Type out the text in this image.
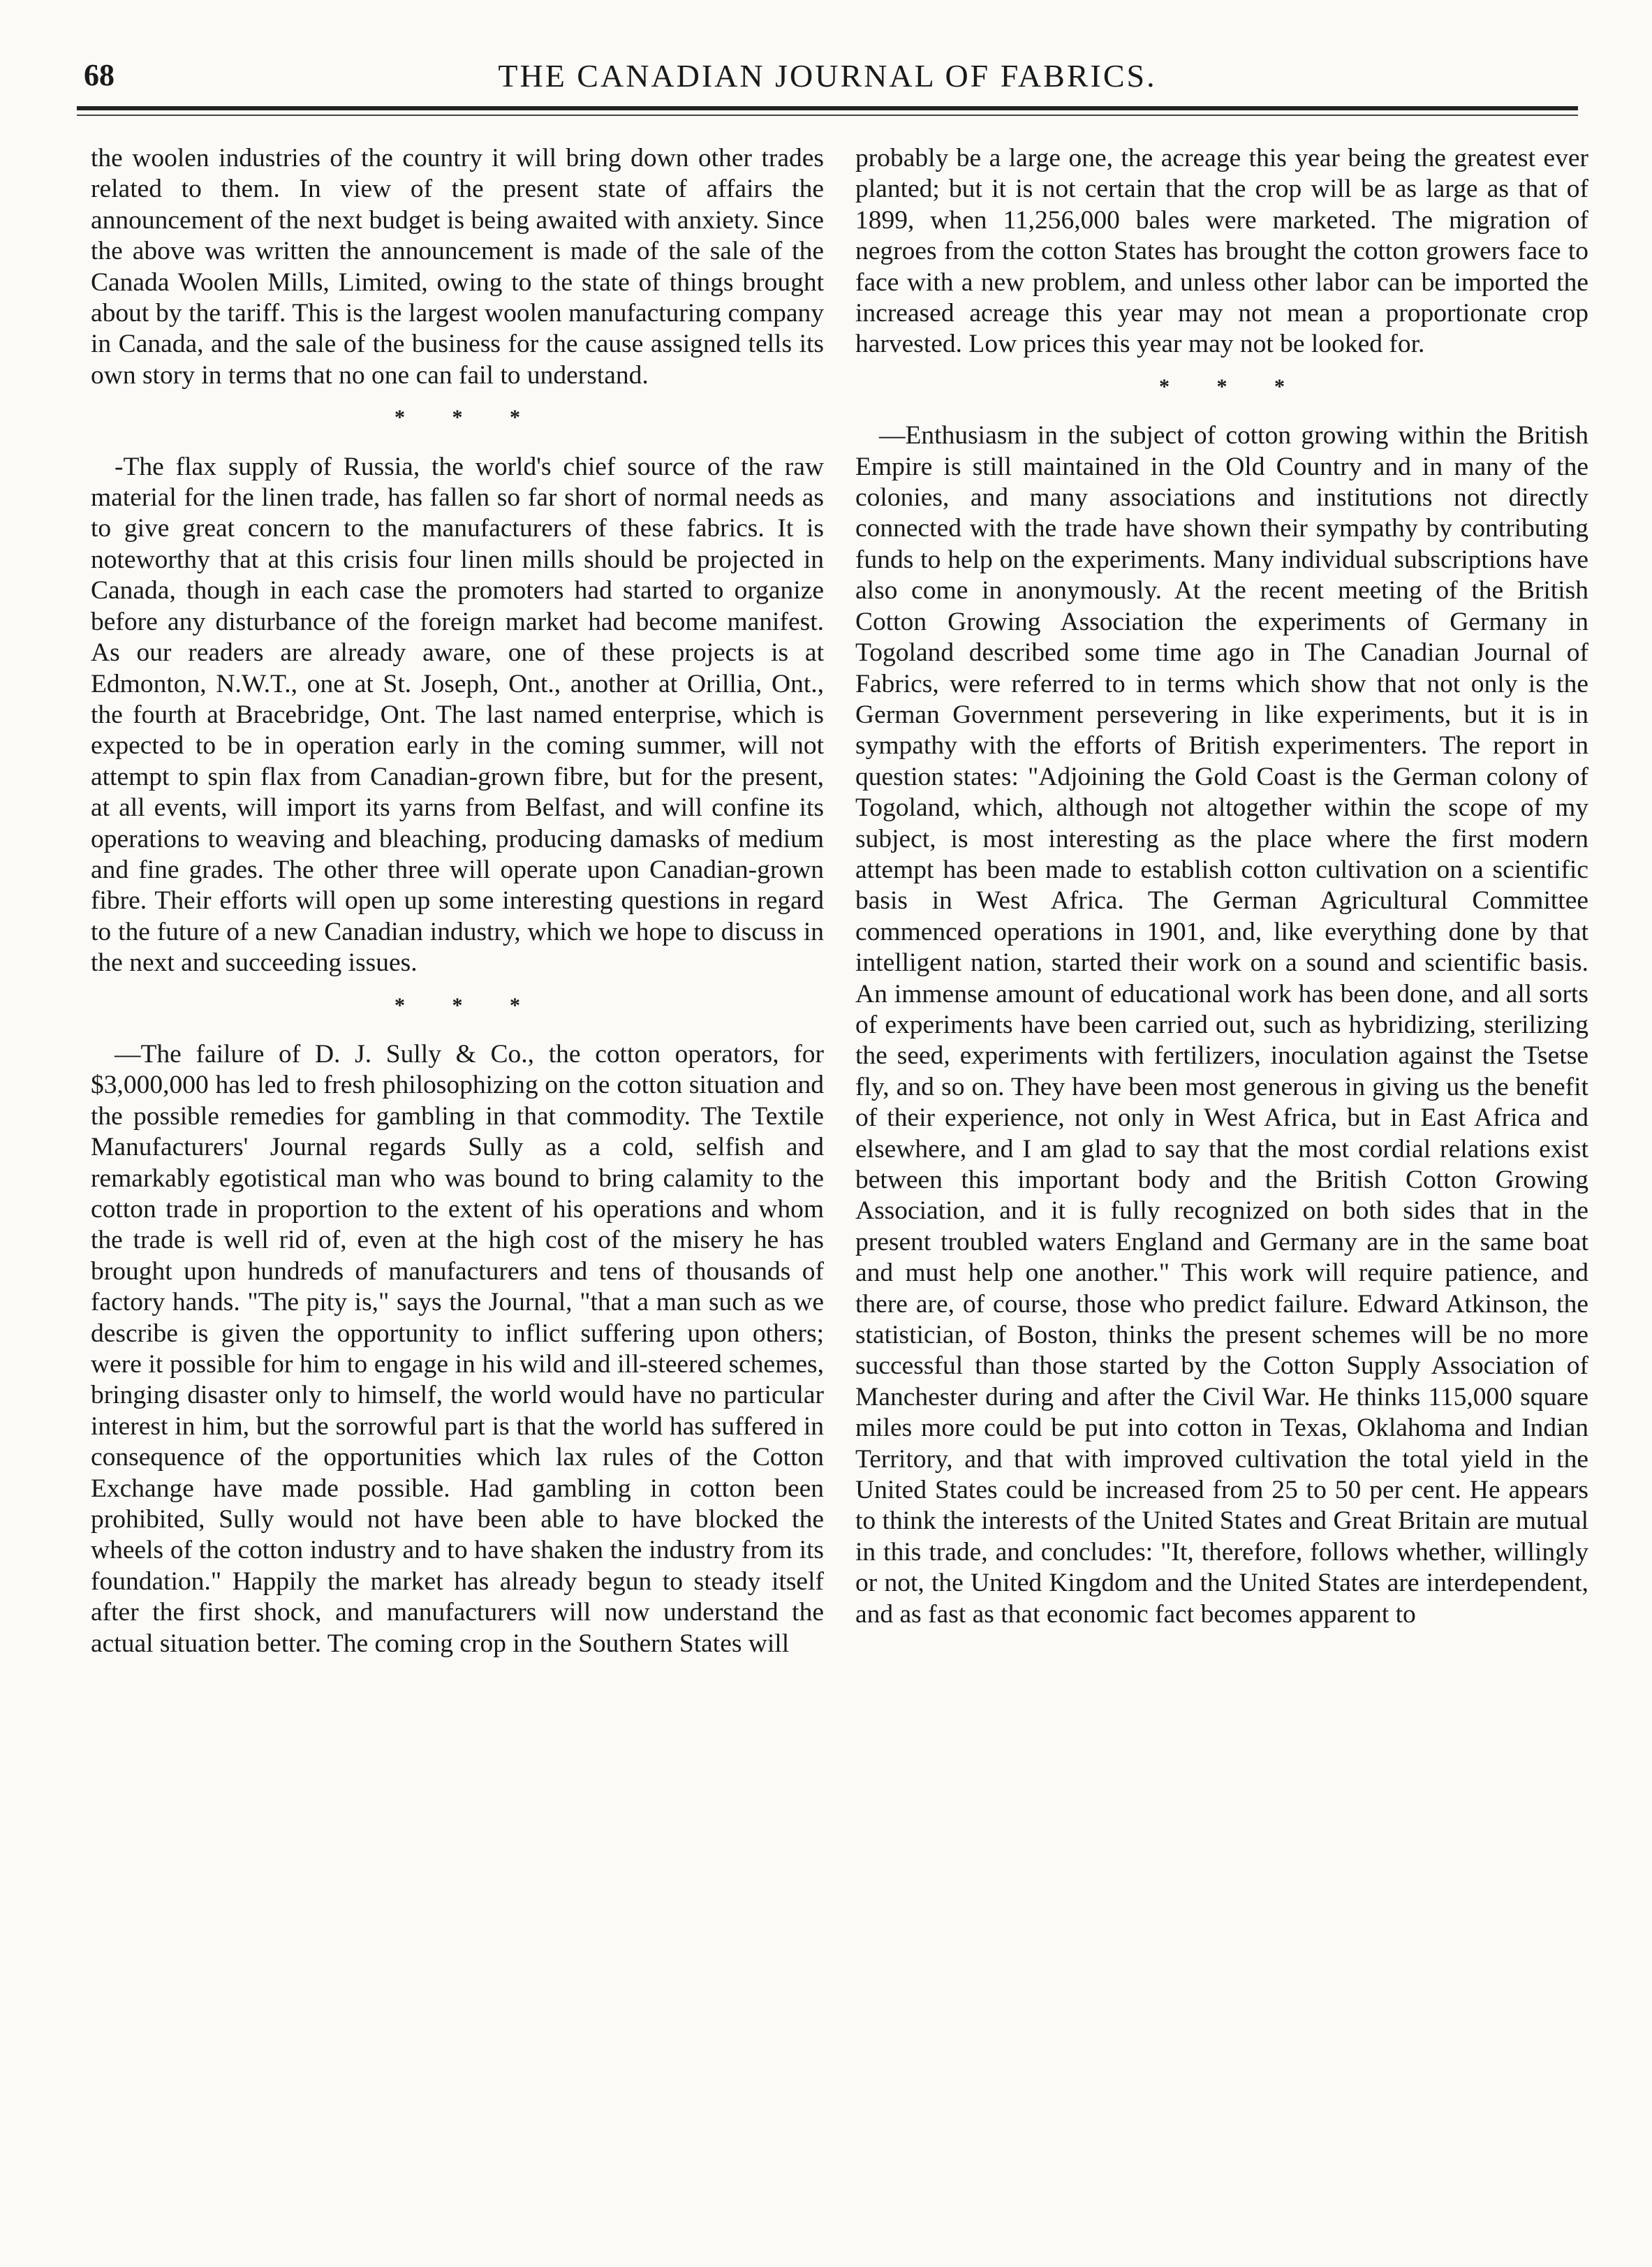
68	THE CANADIAN JOURNAL OF FABRICS.

the woolen industries of the country it will bring down other trades related to them. In view of the present state of affairs the announcement of the next budget is being awaited with anxiety. Since the above was written the announcement is made of the sale of the Canada Woolen Mills, Limited, owing to the state of things brought about by the tariff. This is the largest woolen manufacturing company in Canada, and the sale of the business for the cause assigned tells its own story in terms that no one can fail to understand.

* * *

-The flax supply of Russia, the world's chief source of the raw material for the linen trade, has fallen so far short of normal needs as to give great concern to the manufacturers of these fabrics. It is noteworthy that at this crisis four linen mills should be projected in Canada, though in each case the promoters had started to organize before any disturbance of the foreign market had become manifest. As our readers are already aware, one of these projects is at Edmonton, N.W.T., one at St. Joseph, Ont., another at Orillia, Ont., the fourth at Bracebridge, Ont. The last named enterprise, which is expected to be in operation early in the coming summer, will not attempt to spin flax from Canadian-grown fibre, but for the present, at all events, will import its yarns from Belfast, and will confine its operations to weaving and bleaching, producing damasks of medium and fine grades. The other three will operate upon Canadian-grown fibre. Their efforts will open up some interesting questions in regard to the future of a new Canadian industry, which we hope to discuss in the next and succeeding issues.

* * *

—The failure of D. J. Sully & Co., the cotton operators, for $3,000,000 has led to fresh philosophizing on the cotton situation and the possible remedies for gambling in that commodity. The Textile Manufacturers' Journal regards Sully as a cold, selfish and remarkably egotistical man who was bound to bring calamity to the cotton trade in proportion to the extent of his operations and whom the trade is well rid of, even at the high cost of the misery he has brought upon hundreds of manufacturers and tens of thousands of factory hands. "The pity is," says the Journal, "that a man such as we describe is given the opportunity to inflict suffering upon others; were it possible for him to engage in his wild and ill-steered schemes, bringing disaster only to himself, the world would have no particular interest in him, but the sorrowful part is that the world has suffered in consequence of the opportunities which lax rules of the Cotton Exchange have made possible. Had gambling in cotton been prohibited, Sully would not have been able to have blocked the wheels of the cotton industry and to have shaken the industry from its foundation." Happily the market has already begun to steady itself after the first shock, and manufacturers will now understand the actual situation better. The coming crop in the Southern States will

probably be a large one, the acreage this year being the greatest ever planted; but it is not certain that the crop will be as large as that of 1899, when 11,256,000 bales were marketed. The migration of negroes from the cotton States has brought the cotton growers face to face with a new problem, and unless other labor can be imported the increased acreage this year may not mean a proportionate crop harvested. Low prices this year may not be looked for.

* * *

—Enthusiasm in the subject of cotton growing within the British Empire is still maintained in the Old Country and in many of the colonies, and many associations and institutions not directly connected with the trade have shown their sympathy by contributing funds to help on the experiments. Many individual subscriptions have also come in anonymously. At the recent meeting of the British Cotton Growing Association the experiments of Germany in Togoland described some time ago in The Canadian Journal of Fabrics, were referred to in terms which show that not only is the German Government persevering in like experiments, but it is in sympathy with the efforts of British experimenters. The report in question states: "Adjoining the Gold Coast is the German colony of Togoland, which, although not altogether within the scope of my subject, is most interesting as the place where the first modern attempt has been made to establish cotton cultivation on a scientific basis in West Africa. The German Agricultural Committee commenced operations in 1901, and, like everything done by that intelligent nation, started their work on a sound and scientific basis. An immense amount of educational work has been done, and all sorts of experiments have been carried out, such as hybridizing, sterilizing the seed, experiments with fertilizers, inoculation against the Tsetse fly, and so on. They have been most generous in giving us the benefit of their experience, not only in West Africa, but in East Africa and elsewhere, and I am glad to say that the most cordial relations exist between this important body and the British Cotton Growing Association, and it is fully recognized on both sides that in the present troubled waters England and Germany are in the same boat and must help one another." This work will require patience, and there are, of course, those who predict failure. Edward Atkinson, the statistician, of Boston, thinks the present schemes will be no more successful than those started by the Cotton Supply Association of Manchester during and after the Civil War. He thinks 115,000 square miles more could be put into cotton in Texas, Oklahoma and Indian Territory, and that with improved cultivation the total yield in the United States could be increased from 25 to 50 per cent. He appears to think the interests of the United States and Great Britain are mutual in this trade, and concludes: "It, therefore, follows whether, willingly or not, the United Kingdom and the United States are interdependent, and as fast as that economic fact becomes apparent to
